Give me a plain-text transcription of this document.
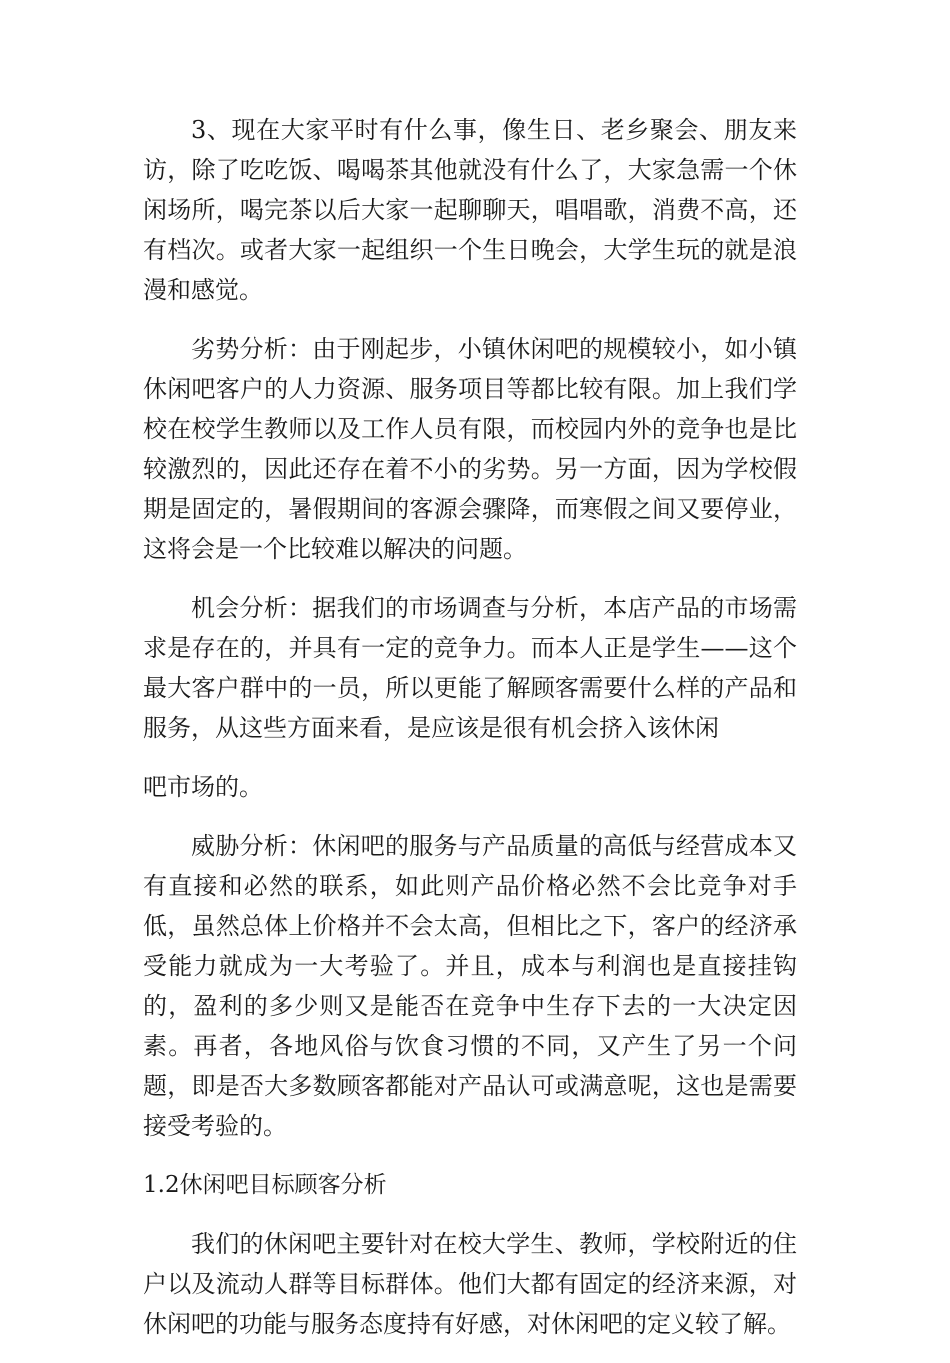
3、现在大家平时有什么事，像生日、老乡聚会、朋友来访，除了吃吃饭、喝喝茶其他就没有什么了，大家急需一个休闲场所，喝完茶以后大家一起聊聊天，唱唱歌，消费不高，还有档次。或者大家一起组织一个生日晚会，大学生玩的就是浪漫和感觉。

劣势分析：由于刚起步，小镇休闲吧的规模较小，如小镇休闲吧客户的人力资源、服务项目等都比较有限。加上我们学校在校学生教师以及工作人员有限，而校园内外的竞争也是比较激烈的，因此还存在着不小的劣势。另一方面，因为学校假期是固定的，暑假期间的客源会骤降，而寒假之间又要停业，这将会是一个比较难以解决的问题。

机会分析：据我们的市场调查与分析，本店产品的市场需求是存在的，并具有一定的竞争力。而本人正是学生——这个最大客户群中的一员，所以更能了解顾客需要什么样的产品和服务，从这些方面来看，是应该是很有机会挤入该休闲

吧市场的。

威胁分析：休闲吧的服务与产品质量的高低与经营成本又有直接和必然的联系，如此则产品价格必然不会比竞争对手低，虽然总体上价格并不会太高，但相比之下，客户的经济承受能力就成为一大考验了。并且，成本与利润也是直接挂钩的，盈利的多少则又是能否在竞争中生存下去的一大决定因素。再者，各地风俗与饮食习惯的不同，又产生了另一个问题，即是否大多数顾客都能对产品认可或满意呢，这也是需要接受考验的。

1.2休闲吧目标顾客分析

我们的休闲吧主要针对在校大学生、教师，学校附近的住户以及流动人群等目标群体。他们大都有固定的经济来源，对休闲吧的功能与服务态度持有好感，对休闲吧的定义较了解。
